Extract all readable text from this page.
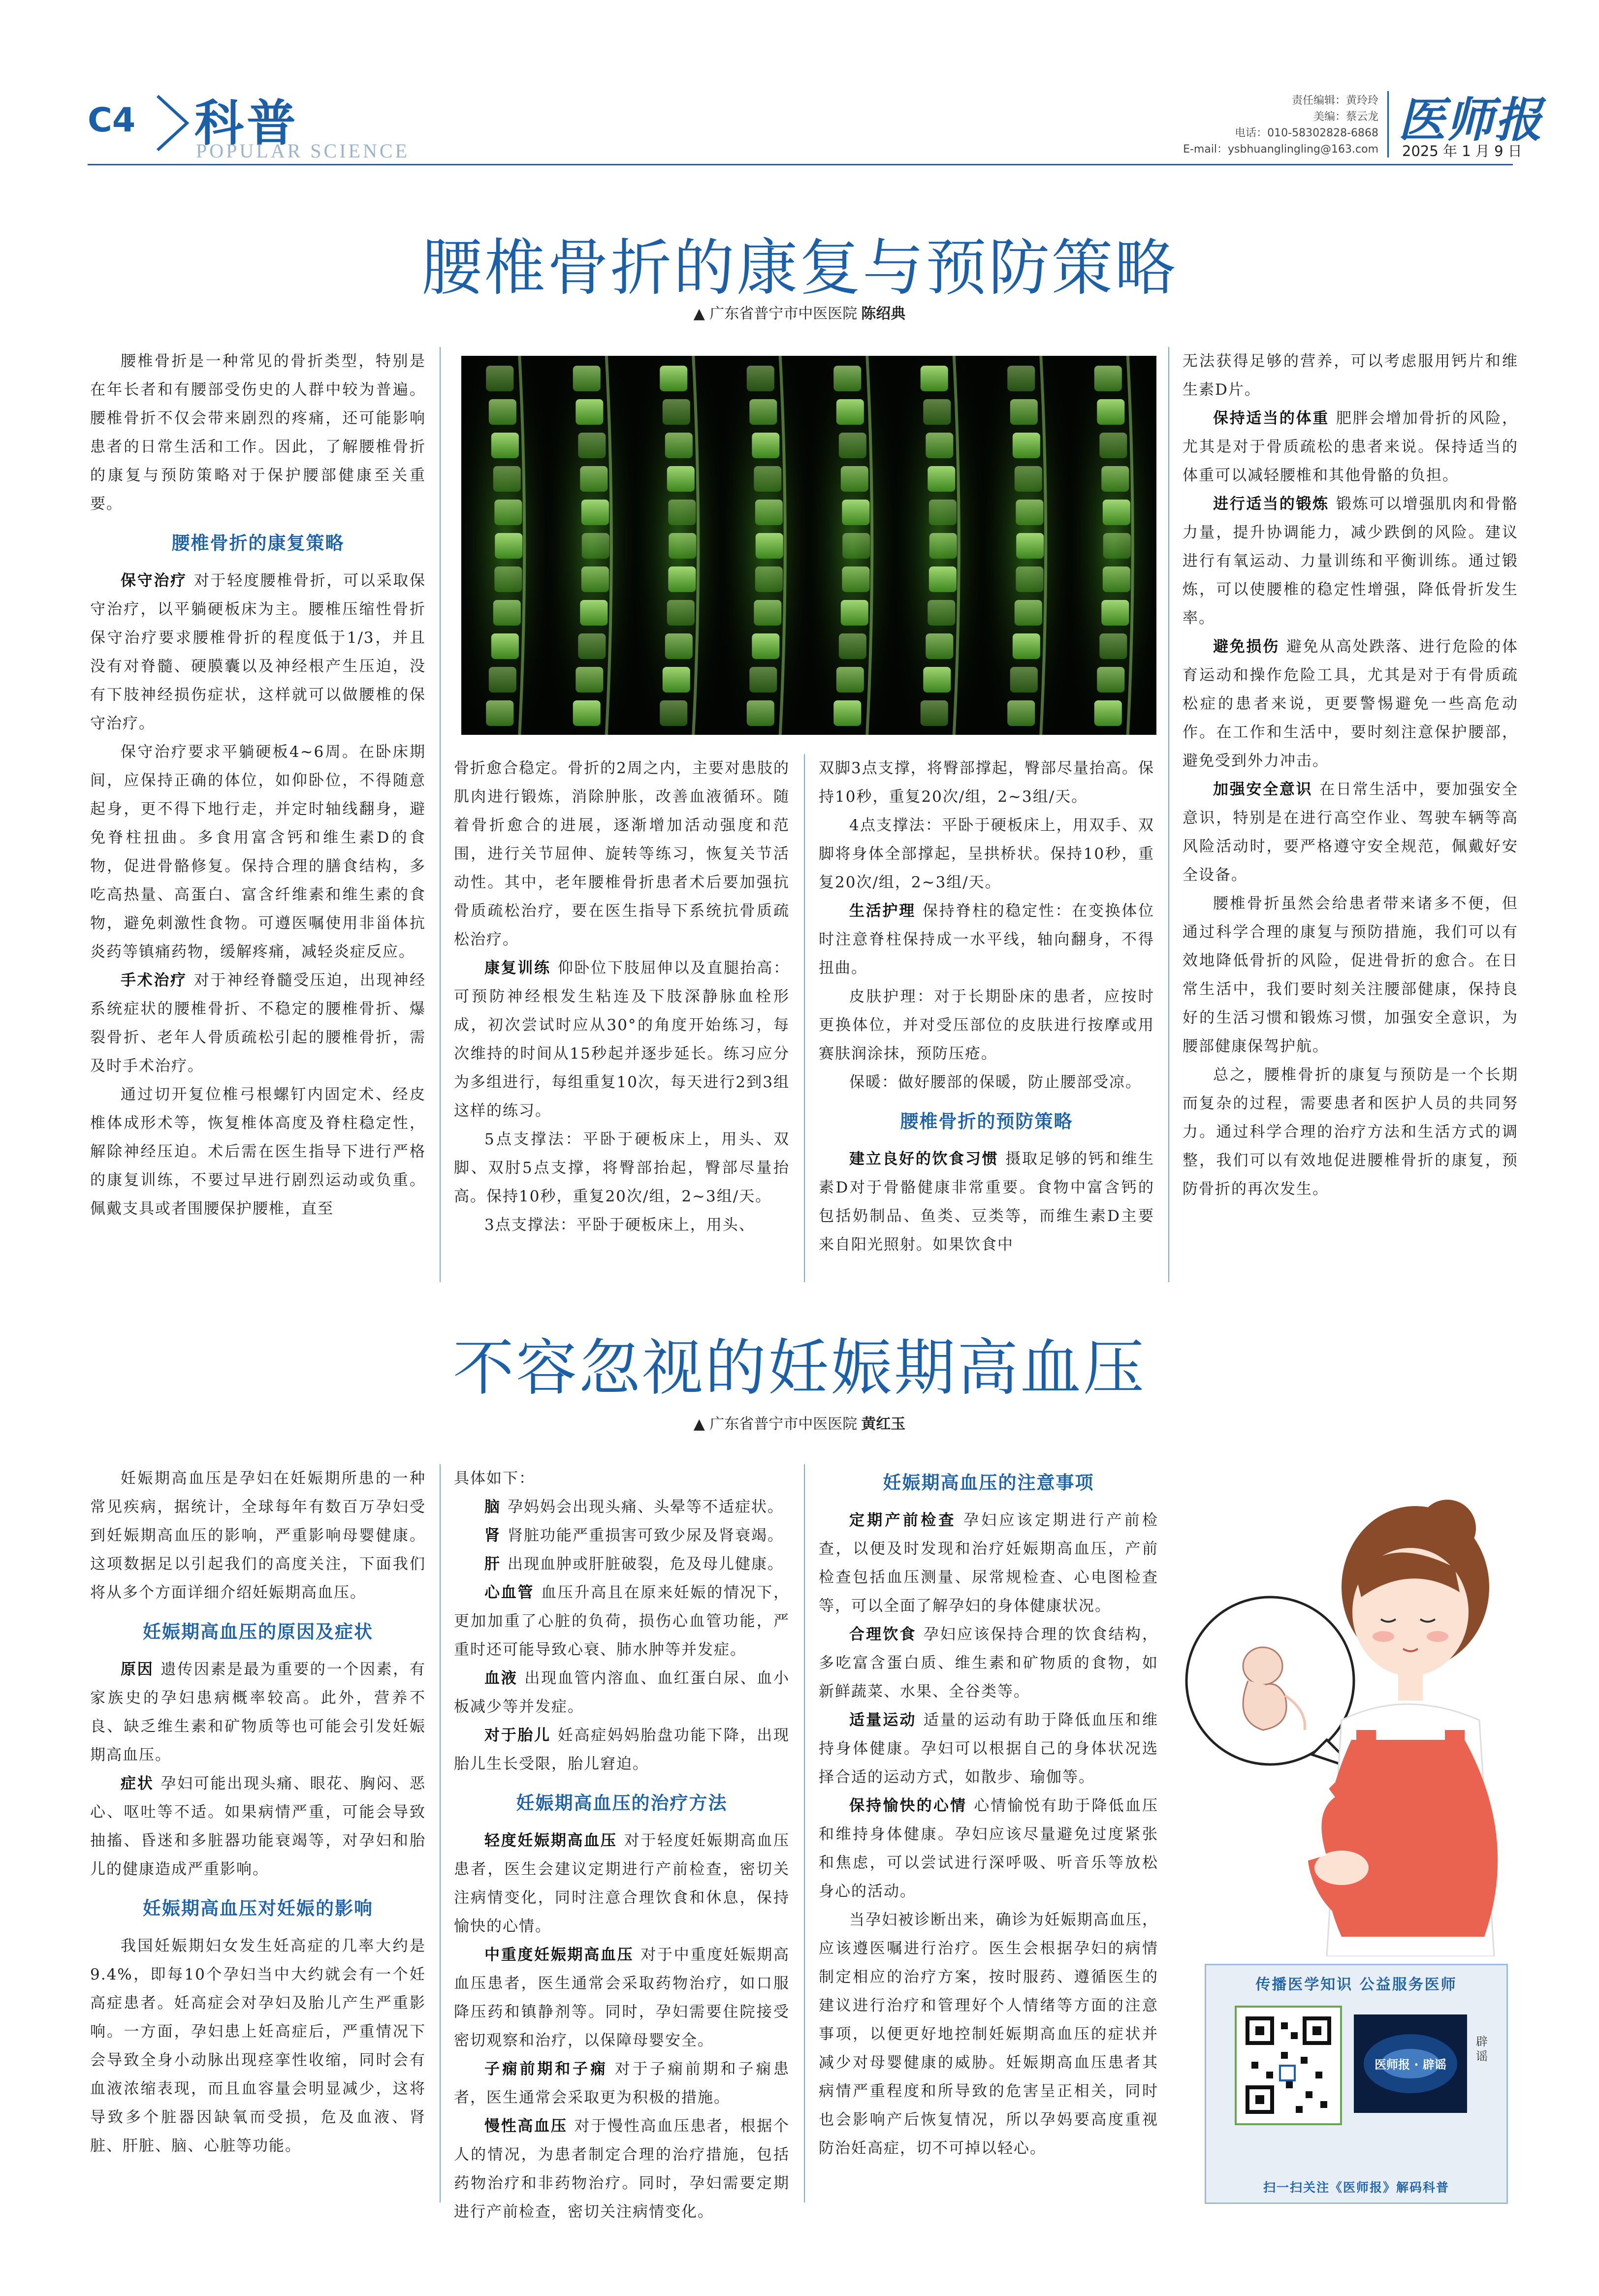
C4 科普
POPULAR SCIENCE
责任编辑：黄玲玲
美编：蔡云龙
电话：010-58302828-6868
E-mail：ysbhuanglingling@163.com
医师报
2025 年 1 月 9 日
腰椎骨折的康复与预防策略
▲ 广东省普宁市中医医院 陈绍典

腰椎骨折是一种常见的骨折类型，特别是在年长者和有腰部受伤史的人群中较为普遍。腰椎骨折不仅会带来剧烈的疼痛，还可能影响患者的日常生活和工作。因此，了解腰椎骨折的康复与预防策略对于保护腰部健康至关重要。

腰椎骨折的康复策略

保守治疗 对于轻度腰椎骨折，可以采取保守治疗，以平躺硬板床为主。腰椎压缩性骨折保守治疗要求腰椎骨折的程度低于1/3，并且没有对脊髓、硬膜囊以及神经根产生压迫，没有下肢神经损伤症状，这样就可以做腰椎的保守治疗。

保守治疗要求平躺硬板4~6周。在卧床期间，应保持正确的体位，如仰卧位，不得随意起身，更不得下地行走，并定时轴线翻身，避免脊柱扭曲。多食用富含钙和维生素D的食物，促进骨骼修复。保持合理的膳食结构，多吃高热量、高蛋白、富含纤维素和维生素的食物，避免刺激性食物。可遵医嘱使用非甾体抗炎药等镇痛药物，缓解疼痛，减轻炎症反应。

手术治疗 对于神经脊髓受压迫，出现神经系统症状的腰椎骨折、不稳定的腰椎骨折、爆裂骨折、老年人骨质疏松引起的腰椎骨折，需及时手术治疗。

通过切开复位椎弓根螺钉内固定术、经皮椎体成形术等，恢复椎体高度及脊柱稳定性，解除神经压迫。术后需在医生指导下进行严格的康复训练，不要过早进行剧烈运动或负重。佩戴支具或者围腰保护腰椎，直至

骨折愈合稳定。骨折的2周之内，主要对患肢的肌肉进行锻炼，消除肿胀，改善血液循环。随着骨折愈合的进展，逐渐增加活动强度和范围，进行关节屈伸、旋转等练习，恢复关节活动性。其中，老年腰椎骨折患者术后要加强抗骨质疏松治疗，要在医生指导下系统抗骨质疏松治疗。

康复训练 仰卧位下肢屈伸以及直腿抬高：可预防神经根发生粘连及下肢深静脉血栓形成，初次尝试时应从30°的角度开始练习，每次维持的时间从15秒起并逐步延长。练习应分为多组进行，每组重复10次，每天进行2到3组这样的练习。

5点支撑法：平卧于硬板床上，用头、双脚、双肘5点支撑，将臀部抬起，臀部尽量抬高。保持10秒，重复20次/组，2~3组/天。

3点支撑法：平卧于硬板床上，用头、

双脚3点支撑，将臀部撑起，臀部尽量抬高。保持10秒，重复20次/组，2~3组/天。

4点支撑法：平卧于硬板床上，用双手、双脚将身体全部撑起，呈拱桥状。保持10秒，重复20次/组，2~3组/天。

生活护理 保持脊柱的稳定性：在变换体位时注意脊柱保持成一水平线，轴向翻身，不得扭曲。

皮肤护理：对于长期卧床的患者，应按时更换体位，并对受压部位的皮肤进行按摩或用赛肤润涂抹，预防压疮。

保暖：做好腰部的保暖，防止腰部受凉。

腰椎骨折的预防策略

建立良好的饮食习惯 摄取足够的钙和维生素D对于骨骼健康非常重要。食物中富含钙的包括奶制品、鱼类、豆类等，而维生素D主要来自阳光照射。如果饮食中

无法获得足够的营养，可以考虑服用钙片和维生素D片。

保持适当的体重 肥胖会增加骨折的风险，尤其是对于骨质疏松的患者来说。保持适当的体重可以减轻腰椎和其他骨骼的负担。

进行适当的锻炼 锻炼可以增强肌肉和骨骼力量，提升协调能力，减少跌倒的风险。建议进行有氧运动、力量训练和平衡训练。通过锻炼，可以使腰椎的稳定性增强，降低骨折发生率。

避免损伤 避免从高处跌落、进行危险的体育运动和操作危险工具，尤其是对于有骨质疏松症的患者来说，更要警惕避免一些高危动作。在工作和生活中，要时刻注意保护腰部，避免受到外力冲击。

加强安全意识 在日常生活中，要加强安全意识，特别是在进行高空作业、驾驶车辆等高风险活动时，要严格遵守安全规范，佩戴好安全设备。

腰椎骨折虽然会给患者带来诸多不便，但通过科学合理的康复与预防措施，我们可以有效地降低骨折的风险，促进骨折的愈合。在日常生活中，我们要时刻关注腰部健康，保持良好的生活习惯和锻炼习惯，加强安全意识，为腰部健康保驾护航。

总之，腰椎骨折的康复与预防是一个长期而复杂的过程，需要患者和医护人员的共同努力。通过科学合理的治疗方法和生活方式的调整，我们可以有效地促进腰椎骨折的康复，预防骨折的再次发生。

不容忽视的妊娠期高血压
▲ 广东省普宁市中医医院 黄红玉

妊娠期高血压是孕妇在妊娠期所患的一种常见疾病，据统计，全球每年有数百万孕妇受到妊娠期高血压的影响，严重影响母婴健康。这项数据足以引起我们的高度关注，下面我们将从多个方面详细介绍妊娠期高血压。

妊娠期高血压的原因及症状

原因 遗传因素是最为重要的一个因素，有家族史的孕妇患病概率较高。此外，营养不良、缺乏维生素和矿物质等也可能会引发妊娠期高血压。

症状 孕妇可能出现头痛、眼花、胸闷、恶心、呕吐等不适。如果病情严重，可能会导致抽搐、昏迷和多脏器功能衰竭等，对孕妇和胎儿的健康造成严重影响。

妊娠期高血压对妊娠的影响

我国妊娠期妇女发生妊高症的几率大约是9.4%，即每10个孕妇当中大约就会有一个妊高症患者。妊高症会对孕妇及胎儿产生严重影响。一方面，孕妇患上妊高症后，严重情况下会导致全身小动脉出现痉挛性收缩，同时会有血液浓缩表现，而且血容量会明显减少，这将导致多个脏器因缺氧而受损，危及血液、肾脏、肝脏、脑、心脏等功能。

具体如下：

脑 孕妈妈会出现头痛、头晕等不适症状。

肾 肾脏功能严重损害可致少尿及肾衰竭。

肝 出现血肿或肝脏破裂，危及母儿健康。

心血管 血压升高且在原来妊娠的情况下，更加加重了心脏的负荷，损伤心血管功能，严重时还可能导致心衰、肺水肿等并发症。

血液 出现血管内溶血、血红蛋白尿、血小板减少等并发症。

对于胎儿 妊高症妈妈胎盘功能下降，出现胎儿生长受限，胎儿窘迫。

妊娠期高血压的治疗方法

轻度妊娠期高血压 对于轻度妊娠期高血压患者，医生会建议定期进行产前检查，密切关注病情变化，同时注意合理饮食和休息，保持愉快的心情。

中重度妊娠期高血压 对于中重度妊娠期高血压患者，医生通常会采取药物治疗，如口服降压药和镇静剂等。同时，孕妇需要住院接受密切观察和治疗，以保障母婴安全。

子痫前期和子痫 对于子痫前期和子痫患者，医生通常会采取更为积极的措施。

慢性高血压 对于慢性高血压患者，根据个人的情况，为患者制定合理的治疗措施，包括药物治疗和非药物治疗。同时，孕妇需要定期进行产前检查，密切关注病情变化。

妊娠期高血压的注意事项

定期产前检查 孕妇应该定期进行产前检查，以便及时发现和治疗妊娠期高血压，产前检查包括血压测量、尿常规检查、心电图检查等，可以全面了解孕妇的身体健康状况。

合理饮食 孕妇应该保持合理的饮食结构，多吃富含蛋白质、维生素和矿物质的食物，如新鲜蔬菜、水果、全谷类等。

适量运动 适量的运动有助于降低血压和维持身体健康。孕妇可以根据自己的身体状况选择合适的运动方式，如散步、瑜伽等。

保持愉快的心情 心情愉悦有助于降低血压和维持身体健康。孕妇应该尽量避免过度紧张和焦虑，可以尝试进行深呼吸、听音乐等放松身心的活动。

当孕妇被诊断出来，确诊为妊娠期高血压，应该遵医嘱进行治疗。医生会根据孕妇的病情制定相应的治疗方案，按时服药、遵循医生的建议进行治疗和管理好个人情绪等方面的注意事项，以便更好地控制妊娠期高血压的症状并减少对母婴健康的威胁。妊娠期高血压患者其病情严重程度和所导致的危害呈正相关，同时也会影响产后恢复情况，所以孕妈要高度重视防治妊高症，切不可掉以轻心。

传播医学知识 公益服务医师
医师报 · 辟谣
辟谣
扫一扫关注《医师报》解码科普
